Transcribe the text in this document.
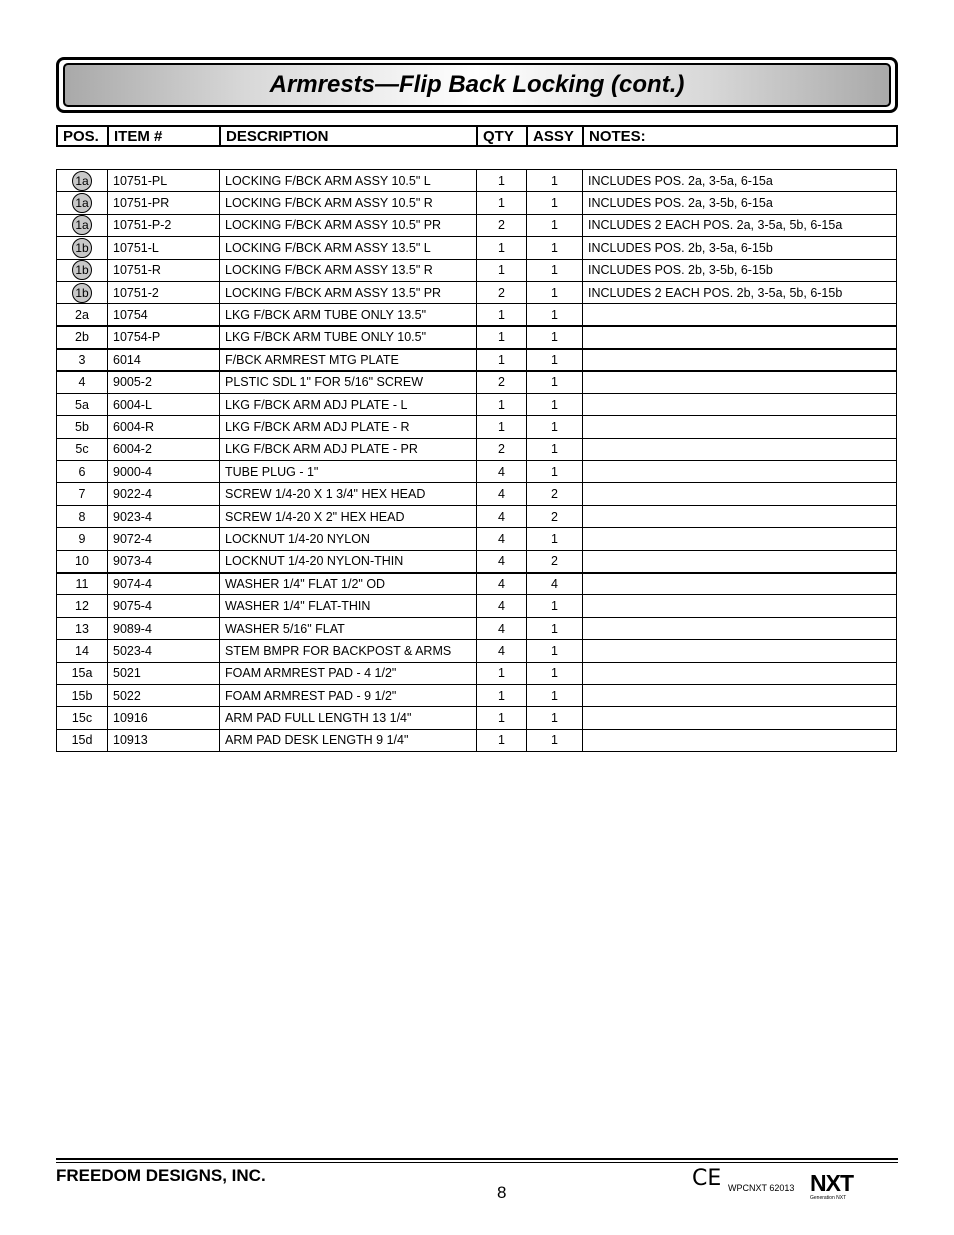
Armrests—Flip Back Locking (cont.)
POS.	ITEM #	DESCRIPTION	QTY	ASSY	NOTES:
1a	10751-PL	LOCKING F/BCK ARM ASSY 10.5" L	1	1	INCLUDES POS. 2a, 3-5a, 6-15a
1a	10751-PR	LOCKING F/BCK ARM ASSY 10.5" R	1	1	INCLUDES POS. 2a, 3-5b, 6-15a
1a	10751-P-2	LOCKING F/BCK ARM ASSY 10.5" PR	2	1	INCLUDES 2 EACH POS. 2a, 3-5a, 5b, 6-15a
1b	10751-L	LOCKING F/BCK ARM ASSY 13.5" L	1	1	INCLUDES POS. 2b, 3-5a, 6-15b
1b	10751-R	LOCKING F/BCK ARM ASSY 13.5" R	1	1	INCLUDES POS. 2b, 3-5b, 6-15b
1b	10751-2	LOCKING F/BCK ARM ASSY 13.5" PR	2	1	INCLUDES 2 EACH POS. 2b, 3-5a, 5b, 6-15b
2a	10754	LKG F/BCK ARM TUBE ONLY 13.5"	1	1	
2b	10754-P	LKG F/BCK ARM TUBE ONLY 10.5"	1	1	
3	6014	F/BCK ARMREST MTG PLATE	1	1	
4	9005-2	PLSTIC SDL 1" FOR 5/16" SCREW	2	1	
5a	6004-L	LKG F/BCK ARM ADJ PLATE - L	1	1	
5b	6004-R	LKG F/BCK ARM ADJ PLATE - R	1	1	
5c	6004-2	LKG F/BCK ARM ADJ PLATE - PR	2	1	
6	9000-4	TUBE PLUG - 1"	4	1	
7	9022-4	SCREW 1/4-20 X 1 3/4" HEX HEAD	4	2	
8	9023-4	SCREW 1/4-20 X 2" HEX HEAD	4	2	
9	9072-4	LOCKNUT 1/4-20 NYLON	4	1	
10	9073-4	LOCKNUT 1/4-20 NYLON-THIN	4	2	
11	9074-4	WASHER 1/4" FLAT 1/2" OD	4	4	
12	9075-4	WASHER 1/4" FLAT-THIN	4	1	
13	9089-4	WASHER 5/16" FLAT	4	1	
14	5023-4	STEM BMPR FOR BACKPOST & ARMS	4	1	
15a	5021	FOAM ARMREST PAD - 4 1/2"	1	1	
15b	5022	FOAM ARMREST PAD - 9 1/2"	1	1	
15c	10916	ARM PAD FULL LENGTH 13 1/4"	1	1	
15d	10913	ARM PAD DESK LENGTH 9 1/4"	1	1	
FREEDOM DESIGNS, INC.
8
CE WPCNXT 62013 NXT
Generation NXT
